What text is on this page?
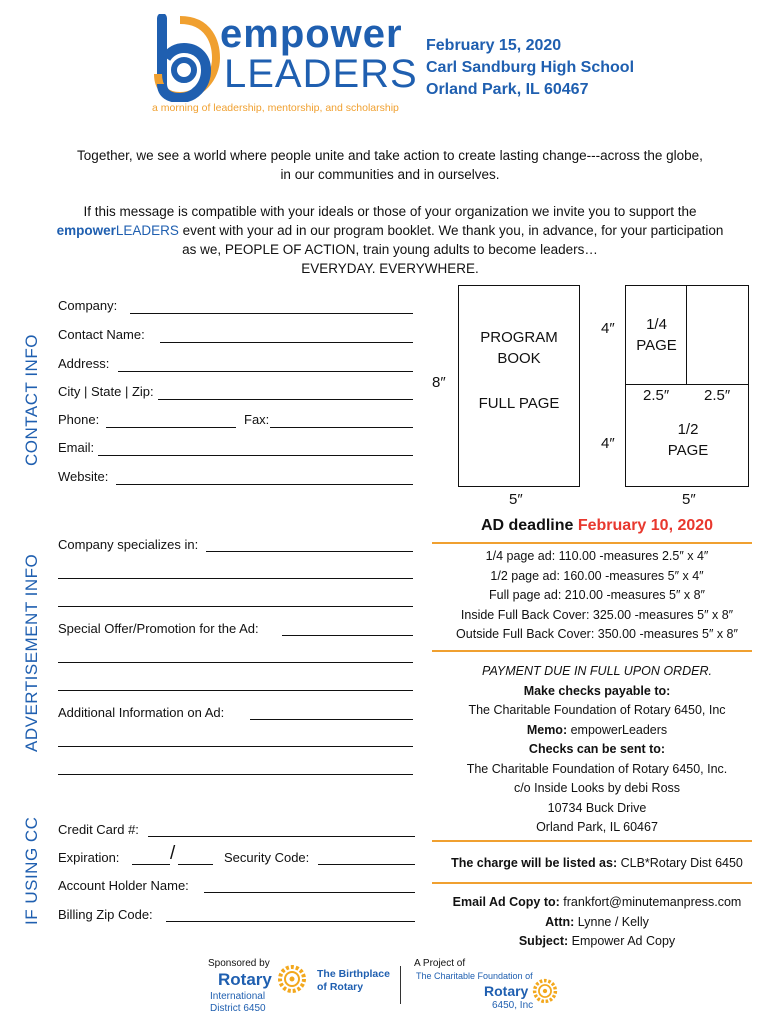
empower
LEADERS
a morning of leadership, mentorship, and scholarship
February 15, 2020
Carl Sandburg High School
Orland Park, IL 60467
Together, we see a world where people unite and take action to create lasting change---across the globe, in our communities and in ourselves.
If this message is compatible with your ideals or those of your organization we invite you to support the
empowerLEADERS event with your ad in our program booklet. We thank you, in advance, for your participation
as we, PEOPLE OF ACTION, train young adults to become leaders…
EVERYDAY. EVERYWHERE.
CONTACT INFO
ADVERTISEMENT INFO
IF USING CC
Company:
Contact Name:
Address:
City | State | Zip:
Phone:	Fax:
Email:
Website:
Company specializes in:
Special Offer/Promotion for the Ad:
Additional Information on Ad:
Credit Card #:
Expiration:	/	Security Code:
Account Holder Name:
Billing Zip Code:
PROGRAM
BOOK
FULL PAGE
8″
5″
1/4
PAGE
2.5″ 2.5″
1/2
PAGE
4″
4″
5″
AD deadline February 10, 2020
1/4 page ad: 110.00 -measures 2.5″ x 4″
1/2 page ad: 160.00 -measures 5″ x 4″
Full page ad: 210.00 -measures 5″ x 8″
Inside Full Back Cover: 325.00 -measures 5″ x 8″
Outside Full Back Cover: 350.00 -measures 5″ x 8″
PAYMENT DUE IN FULL UPON ORDER.
Make checks payable to:
The Charitable Foundation of Rotary 6450, Inc
Memo: empowerLeaders
Checks can be sent to:
The Charitable Foundation of Rotary 6450, Inc.
c/o Inside Looks by debi Ross
10734 Buck Drive
Orland Park, IL 60467
The charge will be listed as: CLB*Rotary Dist 6450
Email Ad Copy to: frankfort@minutemanpress.com
Attn: Lynne / Kelly
Subject: Empower Ad Copy
Sponsored by
Rotary
International
District 6450
The Birthplace
of Rotary
A Project of
The Charitable Foundation of
Rotary
6450, Inc
